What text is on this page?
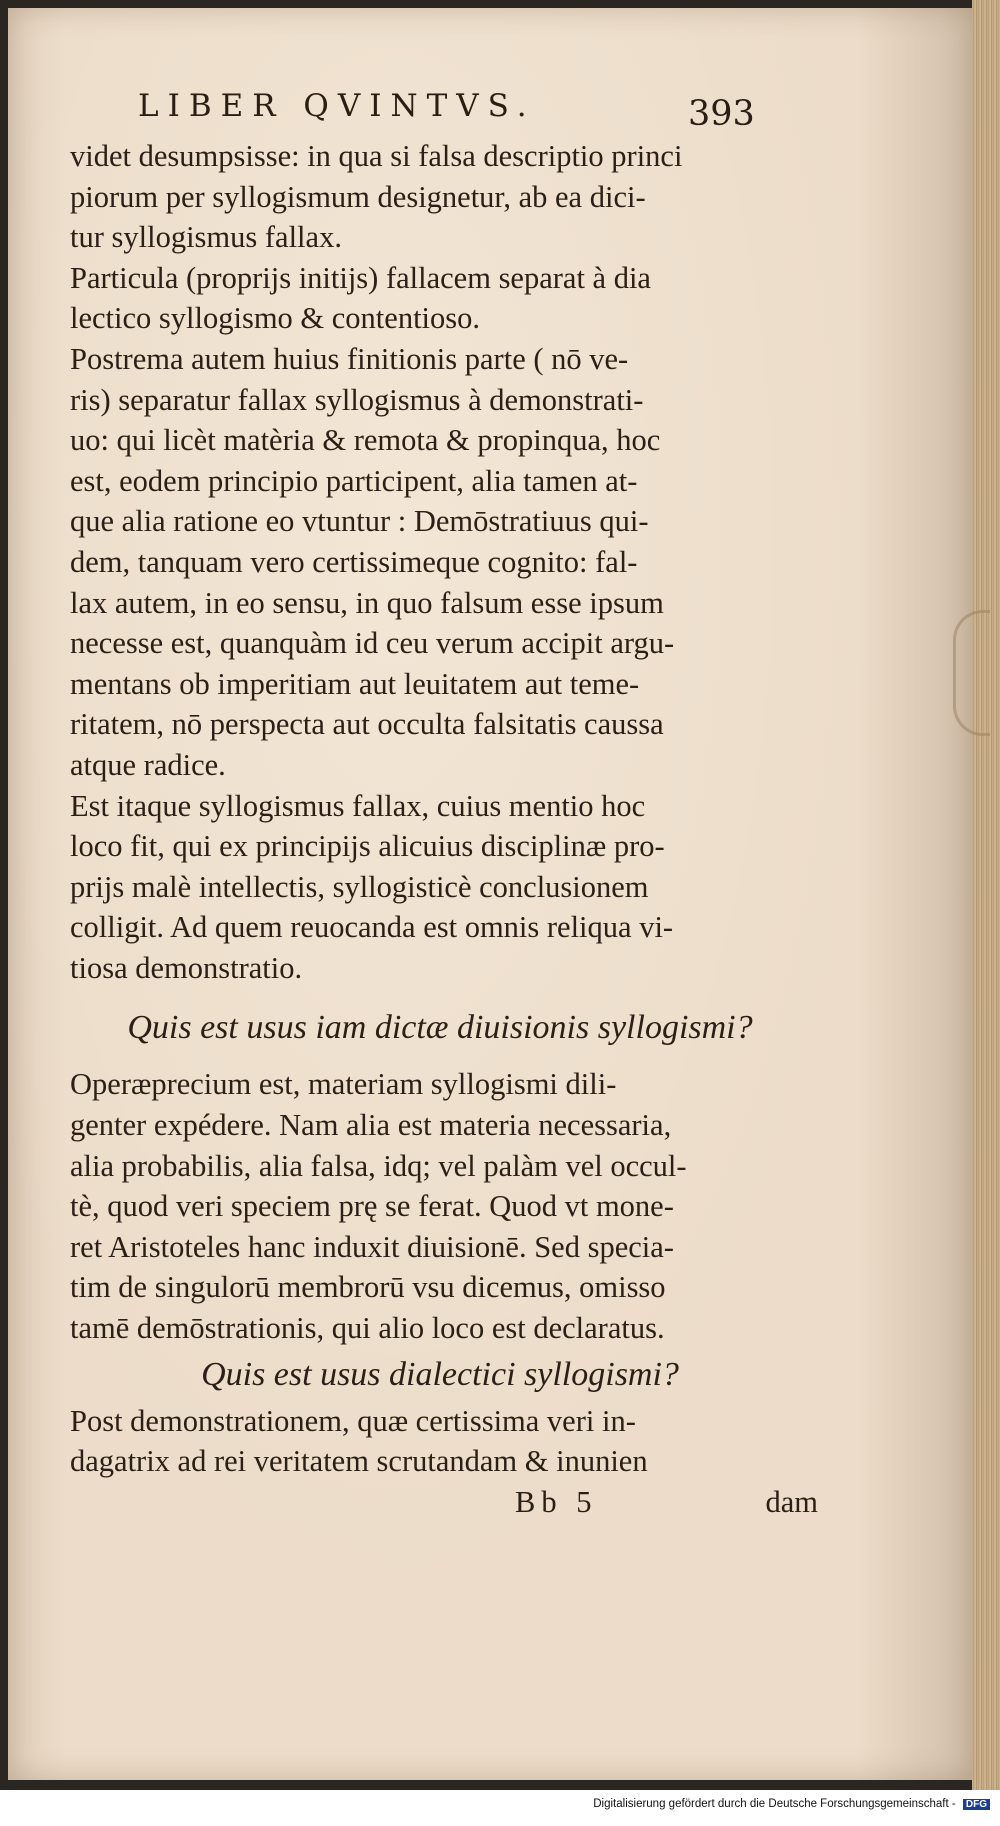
LIBER QVINTVS.	393

videt desumpsisse: in qua si falsa descriptio princi
piorum per syllogismum designetur, ab ea dici-
tur syllogismus fallax.

Particula (proprijs initijs) fallacem separat à dia
lectico syllogismo & contentioso.

Postrema autem huius finitionis parte ( nō ve-
ris) separatur fallax syllogismus à demonstrati-
uo: qui licèt matèria & remota & propinqua, hoc
est, eodem principio participent, alia tamen at-
que alia ratione eo vtuntur : Demōstratiuus qui-
dem, tanquam vero certissimeque cognito: fal-
lax autem, in eo sensu, in quo falsum esse ipsum
necesse est, quanquàm id ceu verum accipit argu-
mentans ob imperitiam aut leuitatem aut teme-
ritatem, nō perspecta aut occulta falsitatis caussa
atque radice.

Est itaque syllogismus fallax, cuius mentio hoc
loco fit, qui ex principijs alicuius disciplinæ pro-
prijs malè intellectis, syllogisticè conclusionem
colligit. Ad quem reuocanda est omnis reliqua vi-
tiosa demonstratio.

Quis est usus iam dictæ diuisionis syllogismi?

Operæprecium est, materiam syllogismi dili-
genter expédere. Nam alia est materia necessaria,
alia probabilis, alia falsa, idq; vel palàm vel occul-
tè, quod veri speciem prę se ferat. Quod vt mone-
ret Aristoteles hanc induxit diuisionē. Sed specia-
tim de singulorū membrorū vsu dicemus, omisso
tamē demōstrationis, qui alio loco est declaratus.

Quis est usus dialectici syllogismi?

Post demonstrationem, quæ certissima veri in-
dagatrix ad rei veritatem scrutandam & inunien

Bb 5	dam
Digitalisierung gefördert durch die Deutsche Forschungsgemeinschaft - DFG
